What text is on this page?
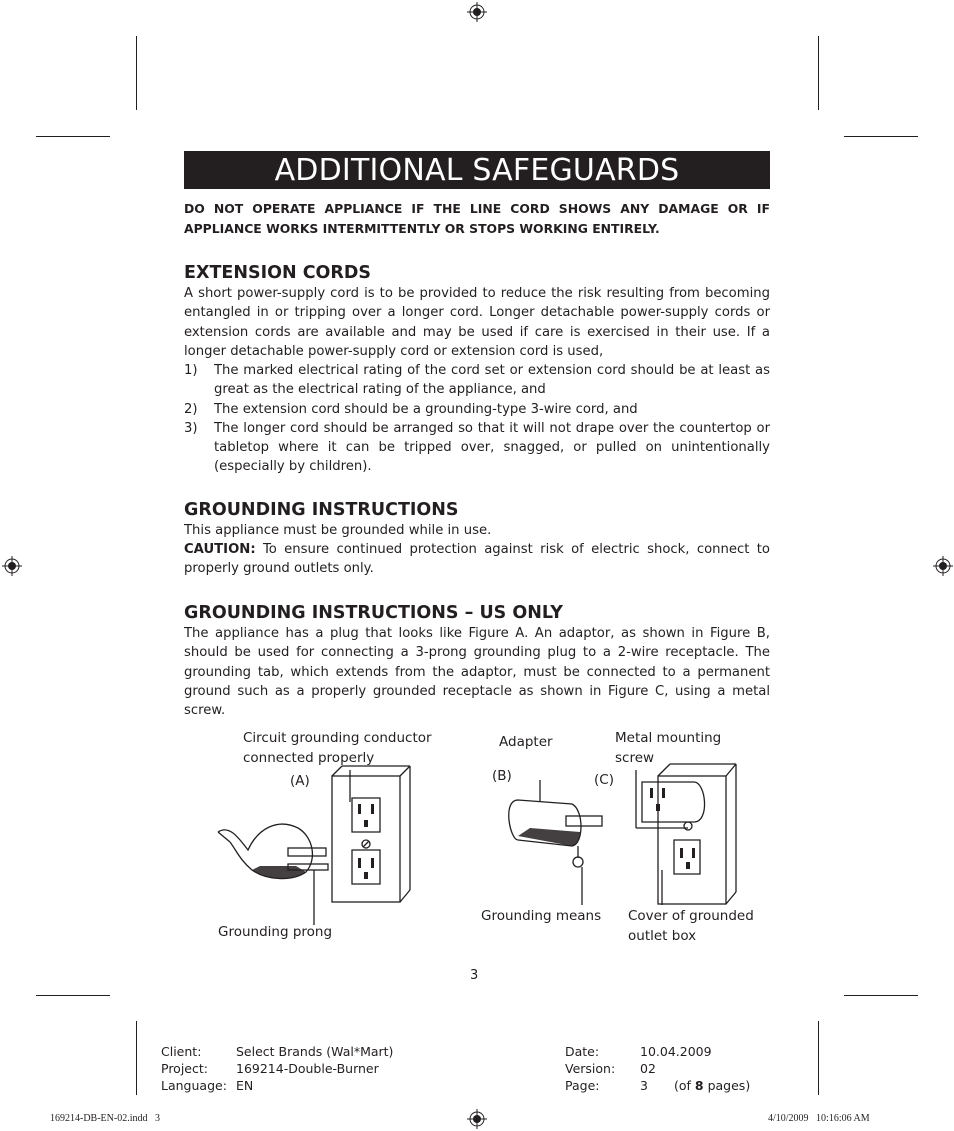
ADDITIONAL SAFEGUARDS
DO NOT OPERATE APPLIANCE IF THE LINE CORD SHOWS ANY DAMAGE OR IF APPLIANCE WORKS INTERMITTENTLY OR STOPS WORKING ENTIRELY.
EXTENSION CORDS
A short power-supply cord is to be provided to reduce the risk resulting from becoming entangled in or tripping over a longer cord. Longer detachable power-supply cords or extension cords are available and may be used if care is exercised in their use. If a longer detachable power-supply cord or extension cord is used,
1)	The marked electrical rating of the cord set or extension cord should be at least as great as the electrical rating of the appliance, and
2)	The extension cord should be a grounding-type 3-wire cord, and
3)	The longer cord should be arranged so that it will not drape over the countertop or tabletop where it can be tripped over, snagged, or pulled on unintentionally (especially by children).
GROUNDING INSTRUCTIONS
This appliance must be grounded while in use.
CAUTION: To ensure continued protection against risk of electric shock, connect to properly ground outlets only.
GROUNDING INSTRUCTIONS – US ONLY
The appliance has a plug that looks like Figure A. An adaptor, as shown in Figure B, should be used for connecting a 3-prong grounding plug to a 2-wire receptacle. The grounding tab, which extends from the adaptor, must be connected to a permanent ground such as a properly grounded receptacle as shown in Figure C, using a metal screw.
Circuit grounding conductor connected properly
(A)
Adapter	Metal mounting screw
(B)	(C)
Grounding prong
Grounding means Cover of grounded outlet box
3
Client:	Select Brands (Wal*Mart)
Project: 169214-Double-Burner
Language: EN
Date:	10.04.2009
Version: 02
Page:	3 (of 8 pages)
169214-DB-EN-02.indd   3	4/10/2009   10:16:06 AM
